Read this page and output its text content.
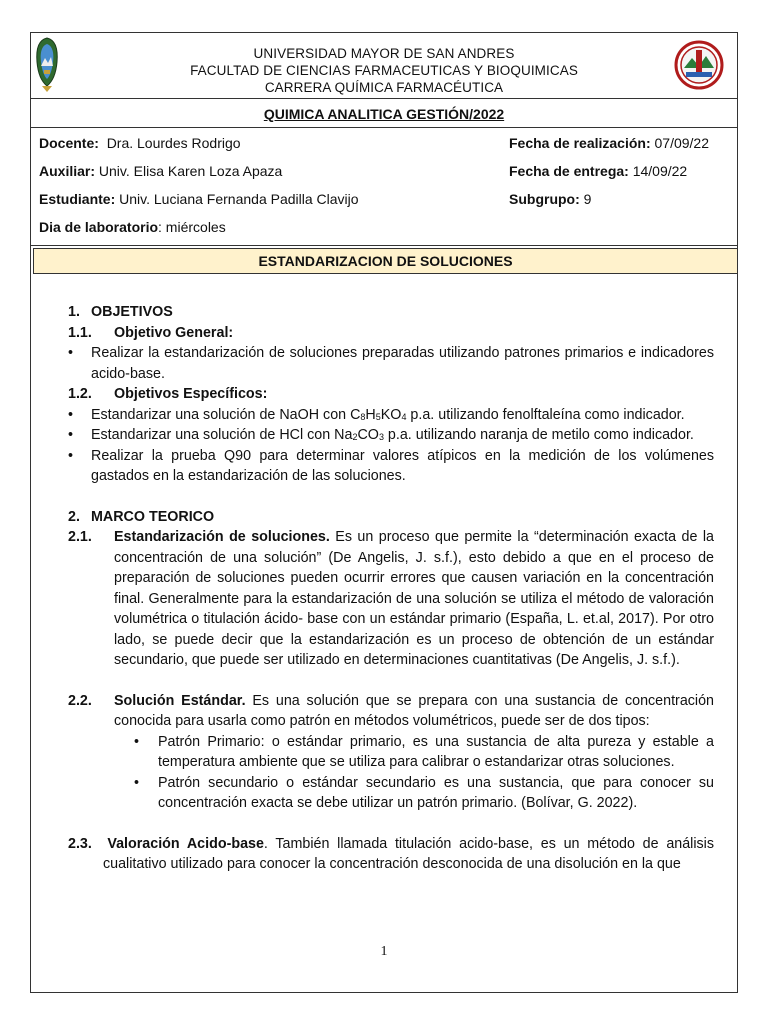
UNIVERSIDAD MAYOR DE SAN ANDRES
FACULTAD DE CIENCIAS FARMACEUTICAS Y BIOQUIMICAS
CARRERA QUÍMICA FARMACÉUTICA
QUIMICA ANALITICA GESTIÓN/2022
Docente: Dra. Lourdes Rodrigo	Fecha de realización: 07/09/22
Auxiliar: Univ. Elisa Karen Loza Apaza	Fecha de entrega: 14/09/22
Estudiante: Univ. Luciana Fernanda Padilla Clavijo	Subgrupo: 9
Dia de laboratorio: miércoles
ESTANDARIZACION DE SOLUCIONES
1. OBJETIVOS
1.1. Objetivo General:
• Realizar la estandarización de soluciones preparadas utilizando patrones primarios e indicadores acido-base.
1.2. Objetivos Específicos:
• Estandarizar una solución de NaOH con $C_8H_5KO_4$ p.a. utilizando fenolftaleína como indicador.
• Estandarizar una solución de HCl con $Na_2CO_3$ p.a. utilizando naranja de metilo como indicador.
• Realizar la prueba Q90 para determinar valores atípicos en la medición de los volúmenes gastados en la estandarización de las soluciones.
2. MARCO TEORICO
2.1. Estandarización de soluciones. Es un proceso que permite la “determinación exacta de la concentración de una solución” (De Angelis, J. s.f.), esto debido a que en el proceso de preparación de soluciones pueden ocurrir errores que causen variación en la concentración final. Generalmente para la estandarización de una solución se utiliza el método de valoración volumétrica o titulación ácido- base con un estándar primario (España, L. et.al, 2017). Por otro lado, se puede decir que la estandarización es un proceso de obtención de un estándar secundario, que puede ser utilizado en determinaciones cuantitativas (De Angelis, J. s.f.).
2.2. Solución Estándar. Es una solución que se prepara con una sustancia de concentración conocida para usarla como patrón en métodos volumétricos, puede ser de dos tipos:
• Patrón Primario: o estándar primario, es una sustancia de alta pureza y estable a temperatura ambiente que se utiliza para calibrar o estandarizar otras soluciones.
• Patrón secundario o estándar secundario es una sustancia, que para conocer su concentración exacta se debe utilizar un patrón primario. (Bolívar, G. 2022).
2.3. Valoración Acido-base. También llamada titulación acido-base, es un método de análisis cualitativo utilizado para conocer la concentración desconocida de una disolución en la que
1
